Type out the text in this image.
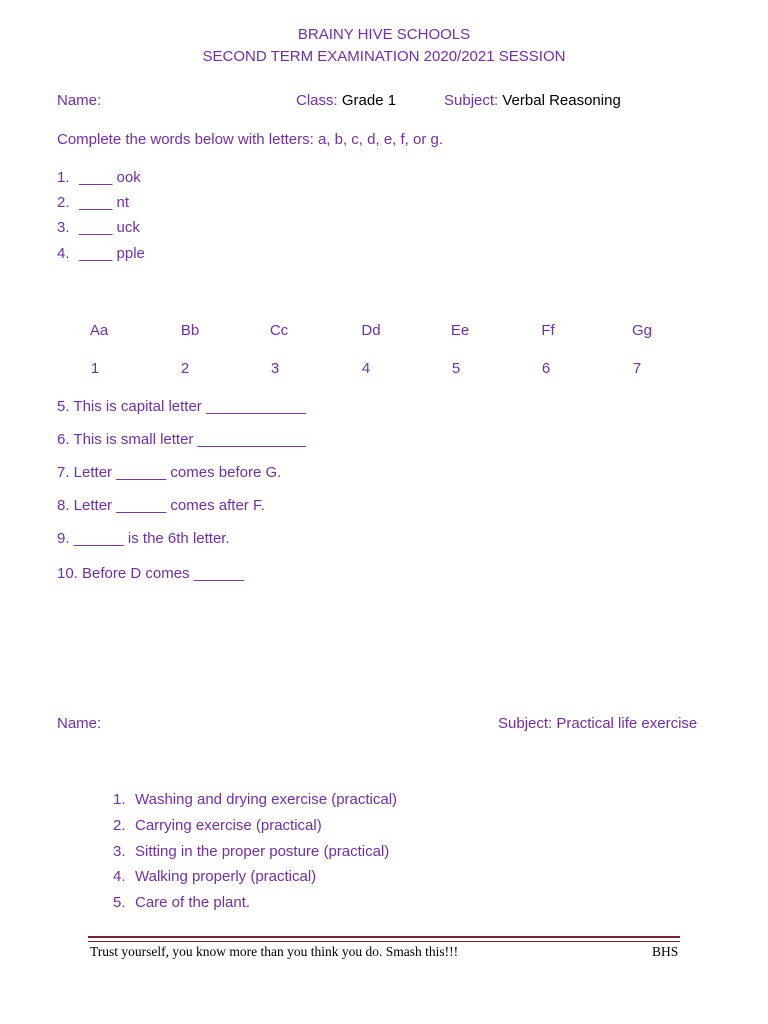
BRAINY HIVE SCHOOLS
SECOND TERM EXAMINATION 2020/2021 SESSION
Name:	Class: Grade 1	Subject: Verbal Reasoning
Complete the words below with letters: a, b, c, d, e, f, or g.
1. ____ ook
2. ____ nt
3. ____ uck
4. ____ pple
Aa	Bb	Cc	Dd	Ee	Ff	Gg
1	2	3	4	5	6	7
5. This is capital letter ____________
6. This is small letter _____________
7. Letter ______ comes before G.
8. Letter ______ comes after F.
9. ______ is the 6th letter.
10. Before D comes ______
Name:	Subject: Practical life exercise
1. Washing and drying exercise (practical)
2. Carrying exercise (practical)
3. Sitting in the proper posture (practical)
4. Walking properly (practical)
5. Care of the plant.
Trust yourself, you know more than you think you do. Smash this!!!	BHS
